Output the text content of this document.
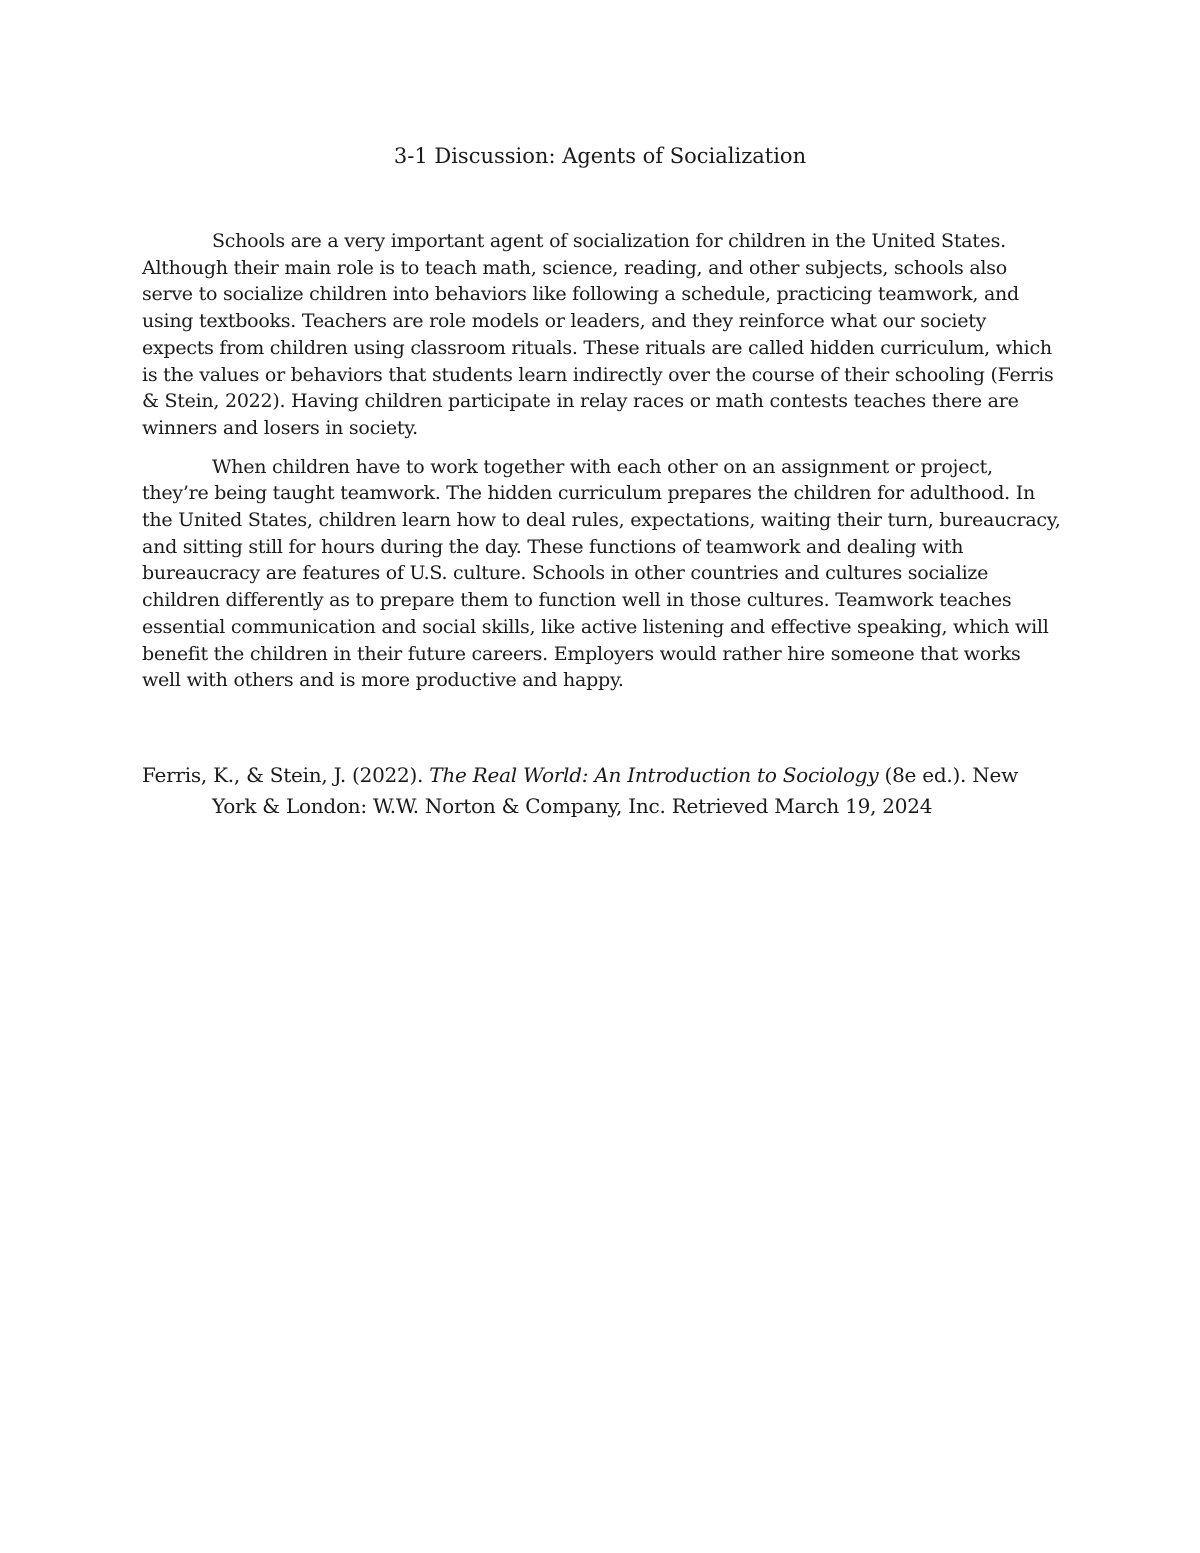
3-1 Discussion: Agents of Socialization

Schools are a very important agent of socialization for children in the United States. Although their main role is to teach math, science, reading, and other subjects, schools also serve to socialize children into behaviors like following a schedule, practicing teamwork, and using textbooks. Teachers are role models or leaders, and they reinforce what our society expects from children using classroom rituals. These rituals are called hidden curriculum, which is the values or behaviors that students learn indirectly over the course of their schooling (Ferris & Stein, 2022). Having children participate in relay races or math contests teaches there are winners and losers in society.

When children have to work together with each other on an assignment or project, they’re being taught teamwork. The hidden curriculum prepares the children for adulthood. In the United States, children learn how to deal rules, expectations, waiting their turn, bureaucracy, and sitting still for hours during the day. These functions of teamwork and dealing with bureaucracy are features of U.S. culture. Schools in other countries and cultures socialize children differently as to prepare them to function well in those cultures. Teamwork teaches essential communication and social skills, like active listening and effective speaking, which will benefit the children in their future careers. Employers would rather hire someone that works well with others and is more productive and happy.

Ferris, K., & Stein, J. (2022). The Real World: An Introduction to Sociology (8e ed.). New York & London: W.W. Norton & Company, Inc. Retrieved March 19, 2024
